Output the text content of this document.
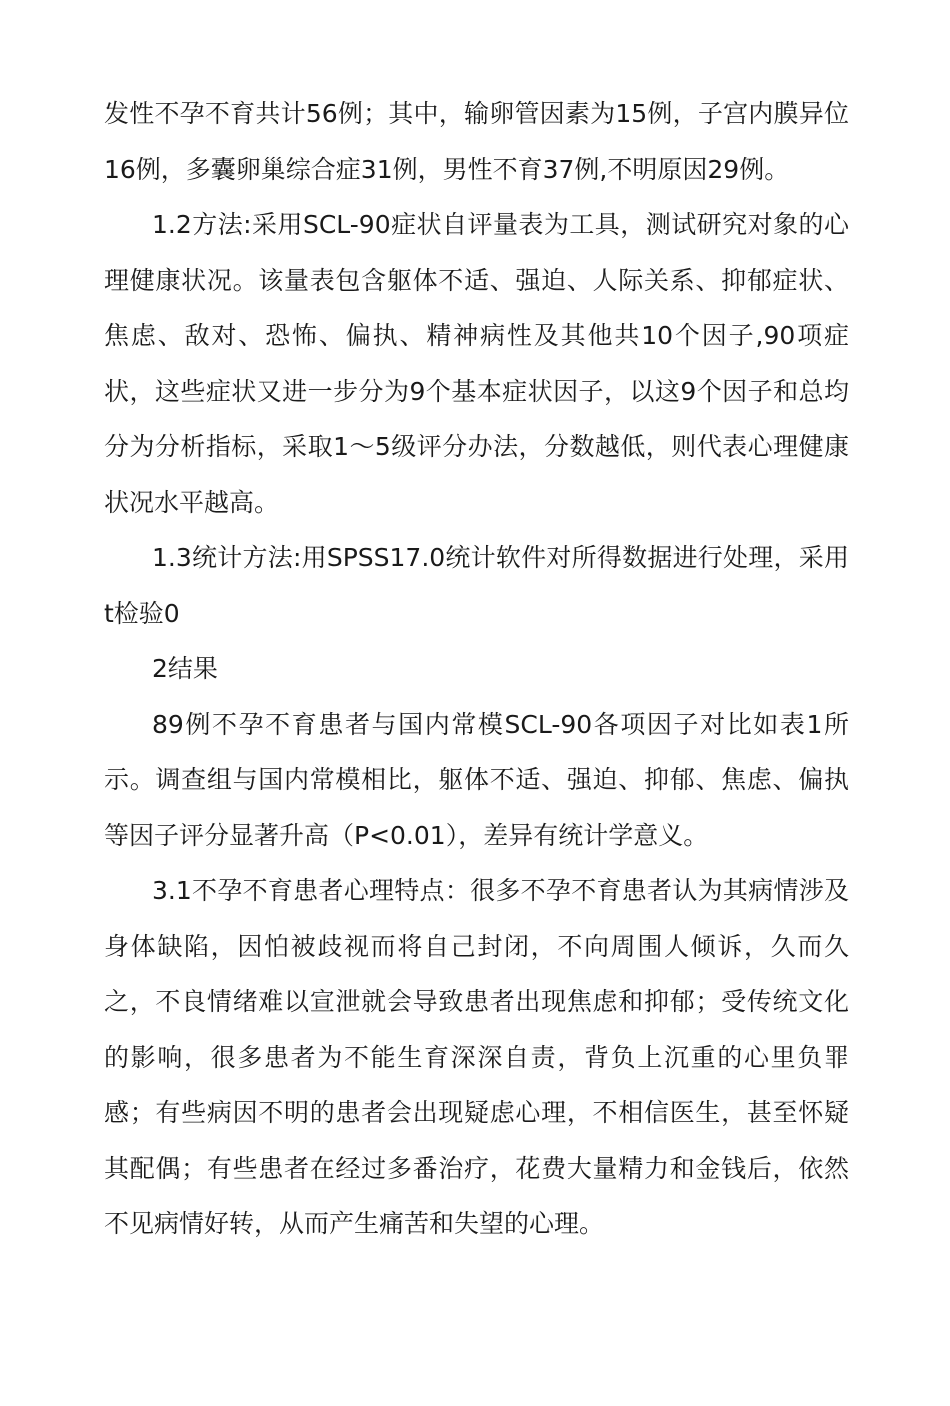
发性不孕不育共计56例；其中，输卵管因素为15例，子宫内膜异位16例，多囊卵巢综合症31例，男性不育37例,不明原因29例。

1.2方法:采用SCL-90症状自评量表为工具，测试研究对象的心理健康状况。该量表包含躯体不适、强迫、人际关系、抑郁症状、焦虑、敌对、恐怖、偏执、精神病性及其他共10个因子,90项症状，这些症状又进一步分为9个基本症状因子，以这9个因子和总均分为分析指标，采取1〜5级评分办法，分数越低，则代表心理健康状况水平越高。

1.3统计方法:用SPSS17.0统计软件对所得数据进行处理，采用t检验0

2结果

89例不孕不育患者与国内常模SCL-90各项因子对比如表1所示。调查组与国内常模相比，躯体不适、强迫、抑郁、焦虑、偏执等因子评分显著升高（P<0.01），差异有统计学意义。

3.1不孕不育患者心理特点：很多不孕不育患者认为其病情涉及身体缺陷，因怕被歧视而将自己封闭，不向周围人倾诉，久而久之，不良情绪难以宣泄就会导致患者出现焦虑和抑郁；受传统文化的影响，很多患者为不能生育深深自责，背负上沉重的心里负罪感；有些病因不明的患者会出现疑虑心理，不相信医生，甚至怀疑其配偶；有些患者在经过多番治疗，花费大量精力和金钱后，依然不见病情好转，从而产生痛苦和失望的心理。
